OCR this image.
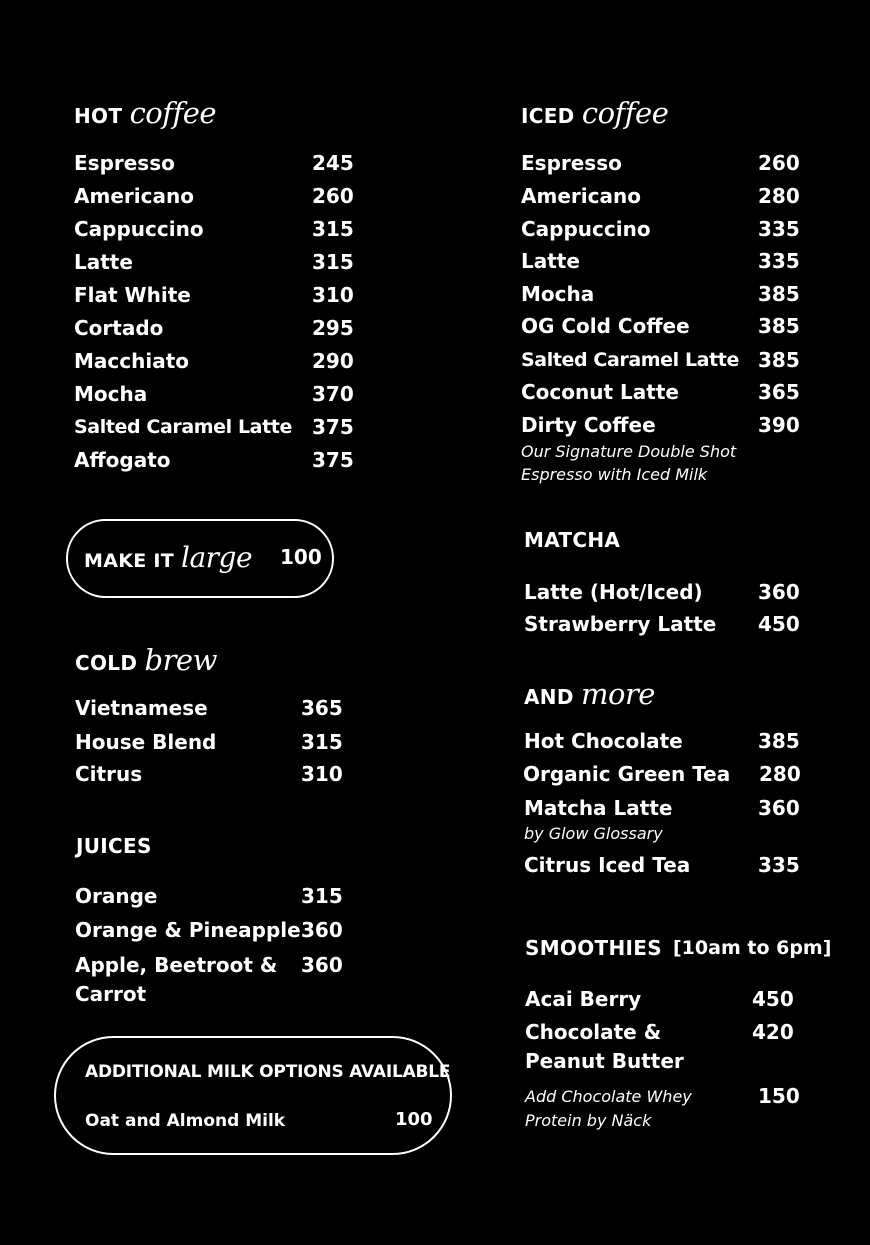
HOT coffee
Espresso	245
Americano	260
Cappuccino	315
Latte	315
Flat White	310
Cortado	295
Macchiato	290
Mocha	370
Salted Caramel Latte 375
Affogato	375
MAKE IT large 100
COLD brew
Vietnamese	365
House Blend	315
Citrus	310
JUICES
Orange	315
Orange & Pineapple 360
Apple, Beetroot &
Carrot
360
ADDITIONAL MILK OPTIONS AVAILABLE
Oat and Almond Milk	100
ICED coffee
Espresso	260
Americano	280
Cappuccino	335
Latte	335
Mocha	385
OG Cold Coffee	385
Salted Caramel Latte 385
Coconut Latte	365
Dirty Coffee	390
Our Signature Double Shot
Espresso with Iced Milk
MATCHA
Latte (Hot/Iced)	360
Strawberry Latte 450
AND more
Hot Chocolate	385
Organic Green Tea 280
Matcha Latte	360
by Glow Glossary
Citrus Iced Tea	335
SMOOTHIES [10am to 6pm]
Acai Berry	450
Chocolate &
Peanut Butter
420
Add Chocolate Whey
Protein by Näck
150
